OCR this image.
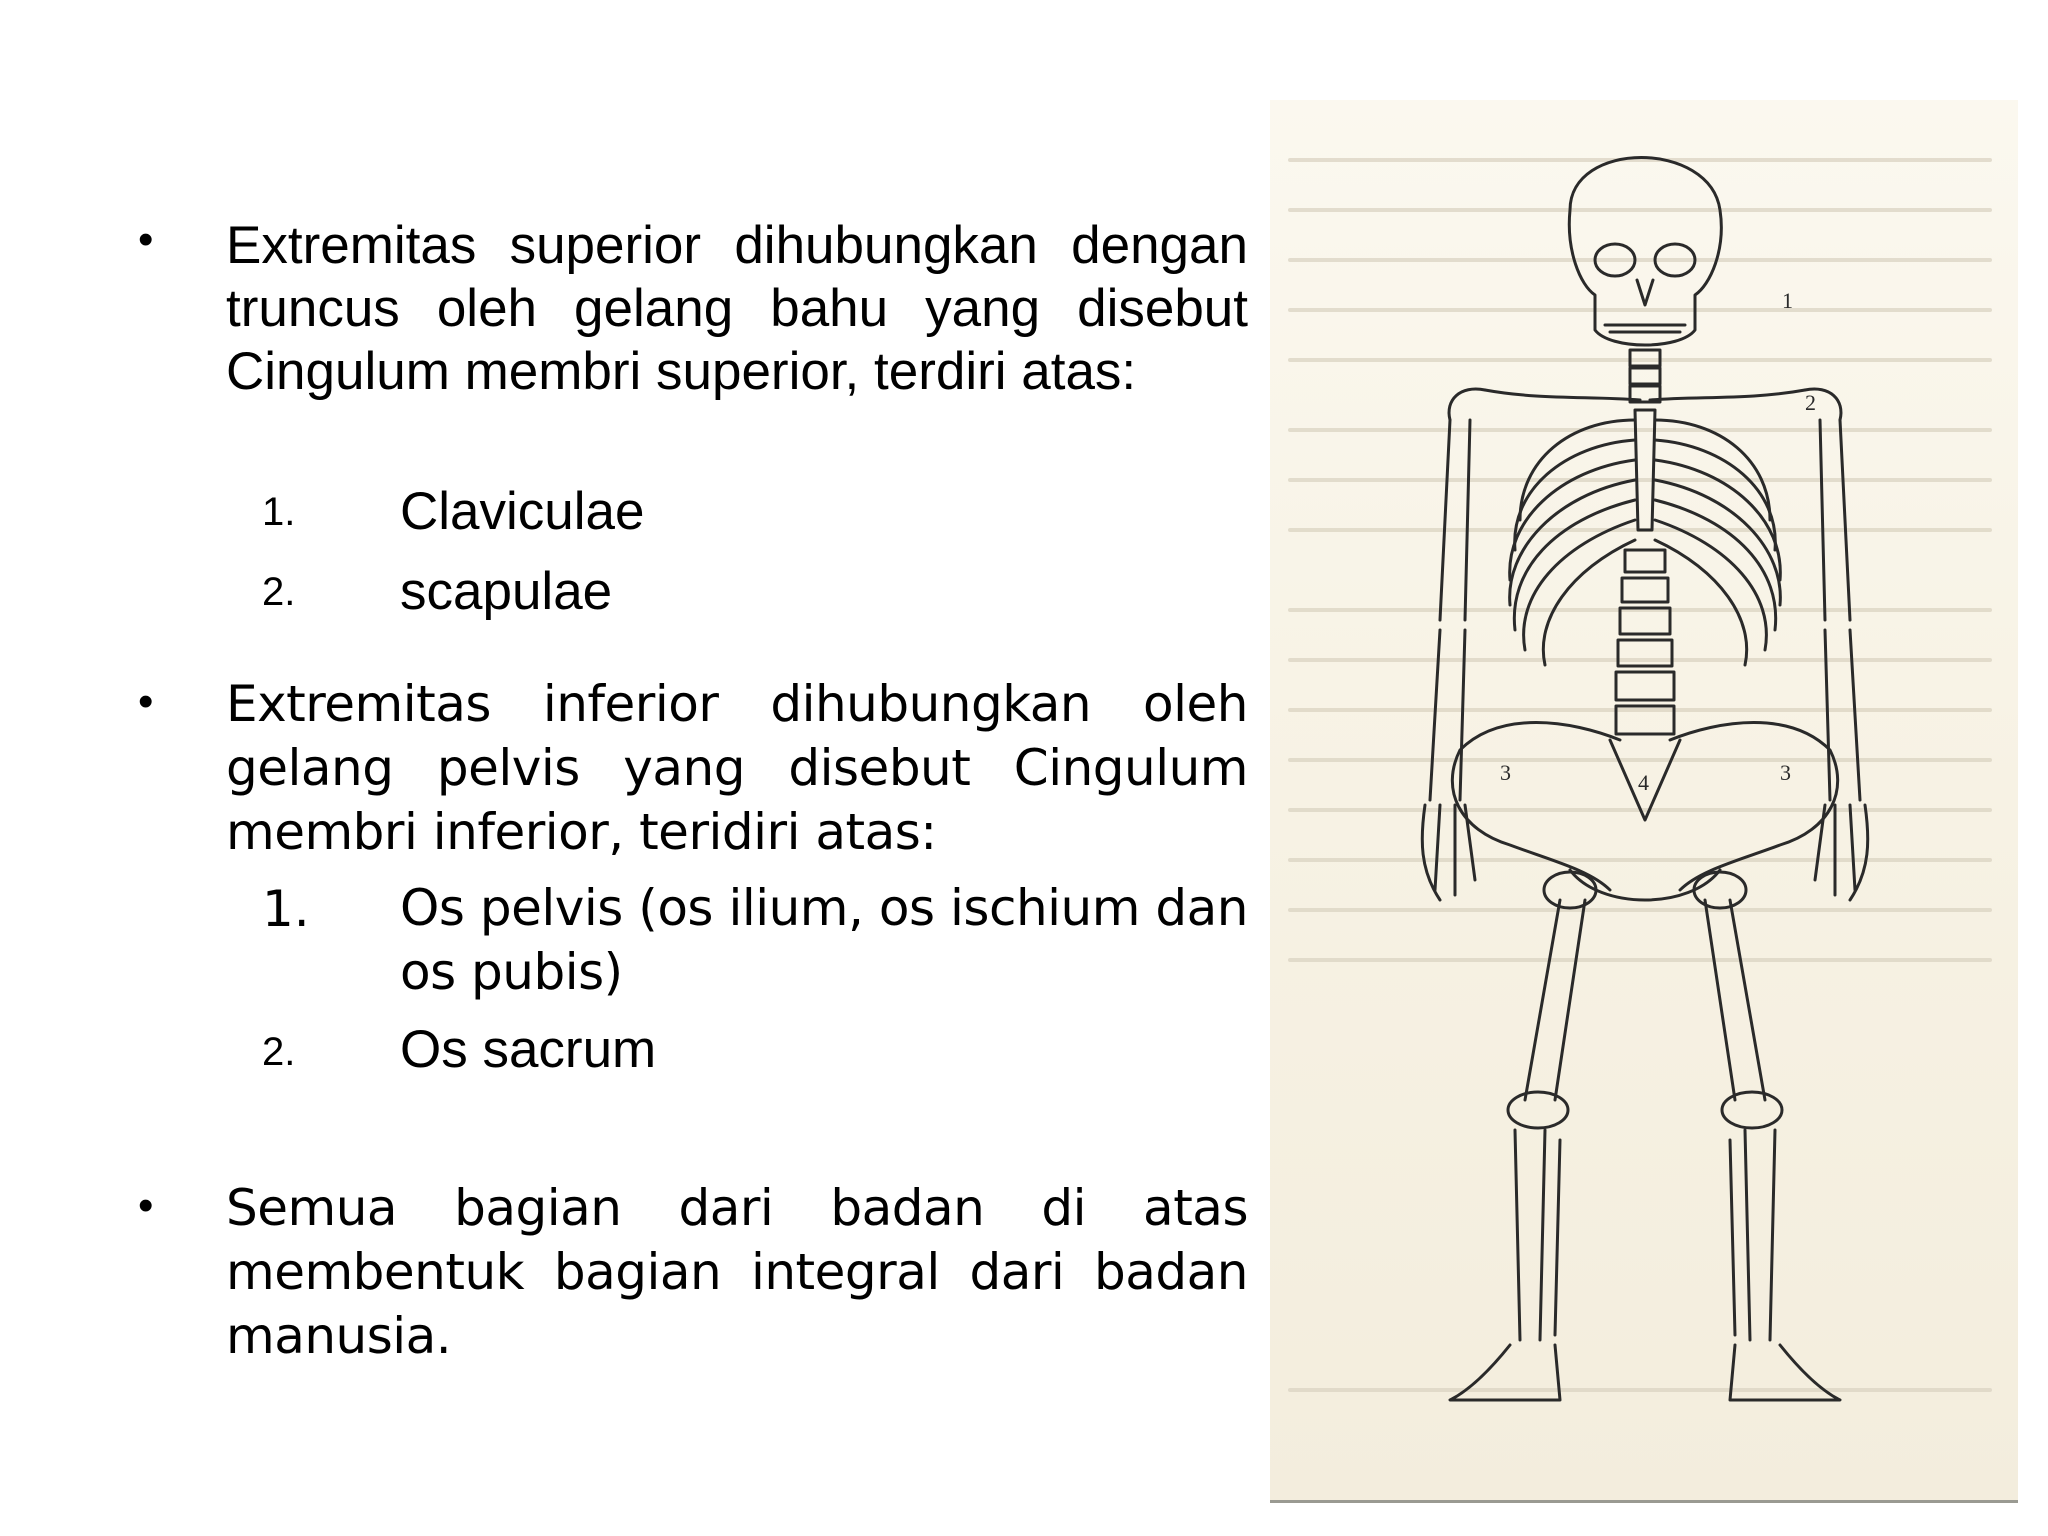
• Extremitas superior dihubungkan dengan truncus oleh gelang bahu yang disebut Cingulum membri superior, terdiri atas:
1. Claviculae
2. scapulae
• Extremitas inferior dihubungkan oleh gelang pelvis yang disebut Cingulum membri inferior, teridiri atas:
1. Os pelvis (os ilium, os ischium dan os pubis)
2. Os sacrum
• Semua bagian dari badan di atas membentuk bagian integral dari badan manusia.
1
2
3	3
4
